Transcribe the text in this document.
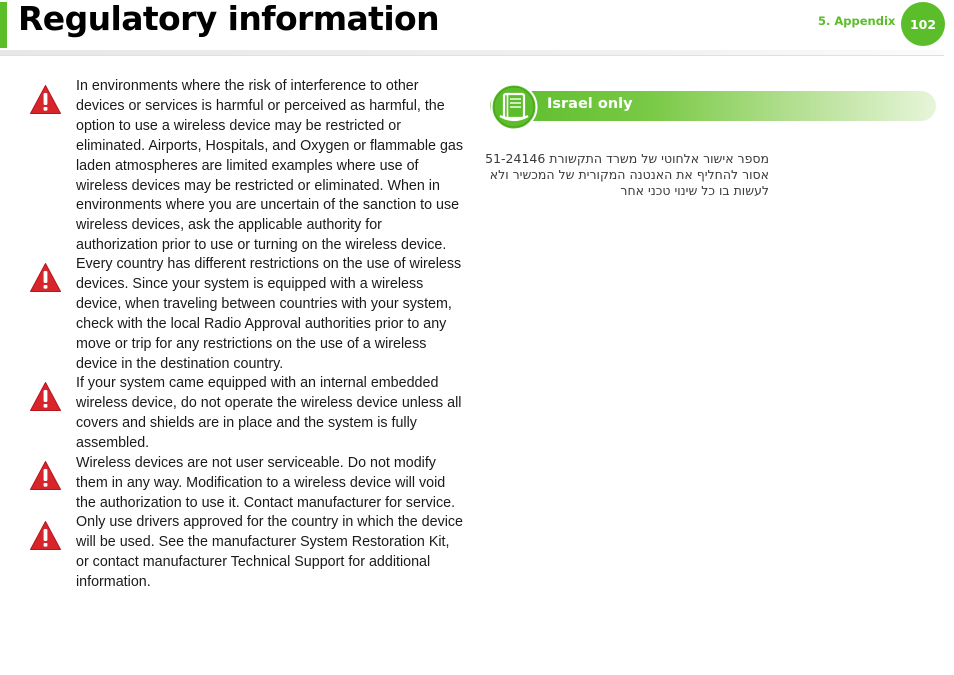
Regulatory information	5. Appendix	102
In environments where the risk of interference to other devices or services is harmful or perceived as harmful, the option to use a wireless device may be restricted or eliminated. Airports, Hospitals, and Oxygen or flammable gas laden atmospheres are limited examples where use of wireless devices may be restricted or eliminated. When in environments where you are uncertain of the sanction to use wireless devices, ask the applicable authority for authorization prior to use or turning on the wireless device.
Every country has different restrictions on the use of wireless devices. Since your system is equipped with a wireless device, when traveling between countries with your system, check with the local Radio Approval authorities prior to any move or trip for any restrictions on the use of a wireless device in the destination country.
If your system came equipped with an internal embedded wireless device, do not operate the wireless device unless all covers and shields are in place and the system is fully assembled.
Wireless devices are not user serviceable. Do not modify them in any way. Modification to a wireless device will void the authorization to use it. Contact manufacturer for service.
Only use drivers approved for the country in which the device will be used. See the manufacturer System Restoration Kit, or contact manufacturer Technical Support for additional information.
Israel only
מספר אישור אלחוטי של משרד התקשורת 51-24146
אסור להחליף את האנטנה המקורית של המכשיר ולא
לעשות בו כל שינוי טכני אחר
